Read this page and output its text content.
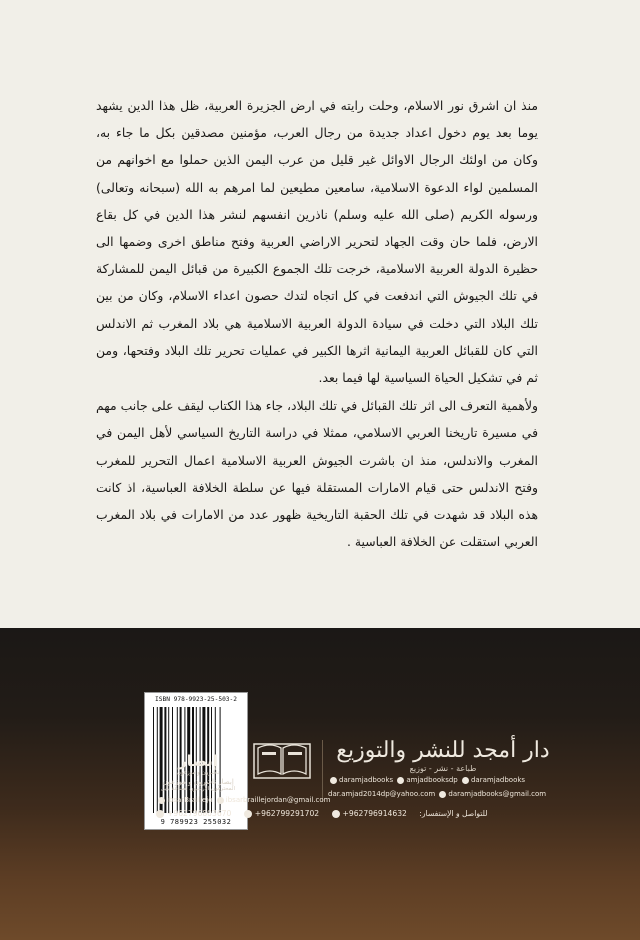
منذ ان اشرق نور الاسلام، وحلت رايته في ارض الجزيرة العربية، ظل هذا الدين يشهد يوما بعد يوم دخول اعداد جديدة من رجال العرب، مؤمنين مصدقين بكل ما جاء به، وكان من اولئك الرجال الاوائل غير قليل من عرب اليمن الذين حملوا مع اخوانهم من المسلمين لواء الدعوة الاسلامية، سامعين مطيعين لما امرهم به الله (سبحانه وتعالى) ورسوله الكريم (صلى الله عليه وسلم) ناذرين انفسهم لنشر هذا الدين في كل بقاع الارض، فلما حان وقت الجهاد لتحرير الاراضي العربية وفتح مناطق اخرى وضمها الى حظيرة الدولة العربية الاسلامية، خرجت تلك الجموع الكبيرة من قبائل اليمن للمشاركة في تلك الجيوش التي اندفعت في كل اتجاه لتدك حصون اعداء الاسلام، وكان من بين تلك البلاد التي دخلت في سيادة الدولة العربية الاسلامية هي بلاد المغرب ثم الاندلس التي كان للقبائل العربية اليمانية اثرها الكبير في عمليات تحرير تلك البلاد وفتحها، ومن ثم في تشكيل الحياة السياسية لها فيما بعد.

ولأهمية التعرف الى اثر تلك القبائل في تلك البلاد، جاء هذا الكتاب ليقف على جانب مهم في مسيرة تاريخنا العربي الاسلامي، ممثلا في دراسة التاريخ السياسي لأهل اليمن في المغرب والاندلس، منذ ان باشرت الجيوش العربية الاسلامية اعمال التحرير للمغرب وفتح الاندلس حتى قيام الامارات المستقلة فيها عن سلطة الخلافة العباسية، اذ كانت هذه البلاد قد شهدت في تلك الحقبة التاريخية ظهور عدد من الامارات في بلاد المغرب العربي استقلت عن الخلافة العباسية .

ISBN 978-9923-25-503-2
9 789923 255032
إبصار
ناشرون و موزعون
إبصار ناشرون و موزعون
المحترفون الأردنيون لصناعة بايل
دار أمجد للنشر والتوزيع
طباعة - نشر - توزيع
daramjadbooks amjadbooksdp daramjadbooks
dar.amjad2014dp@yahoo.com daramjadbooks@gmail.com
ibsarBraillejo ibsarbraillejordan@gmail.com
+962796803670	+962799291702	+962796914632 للتواصل و الإستفسار:
